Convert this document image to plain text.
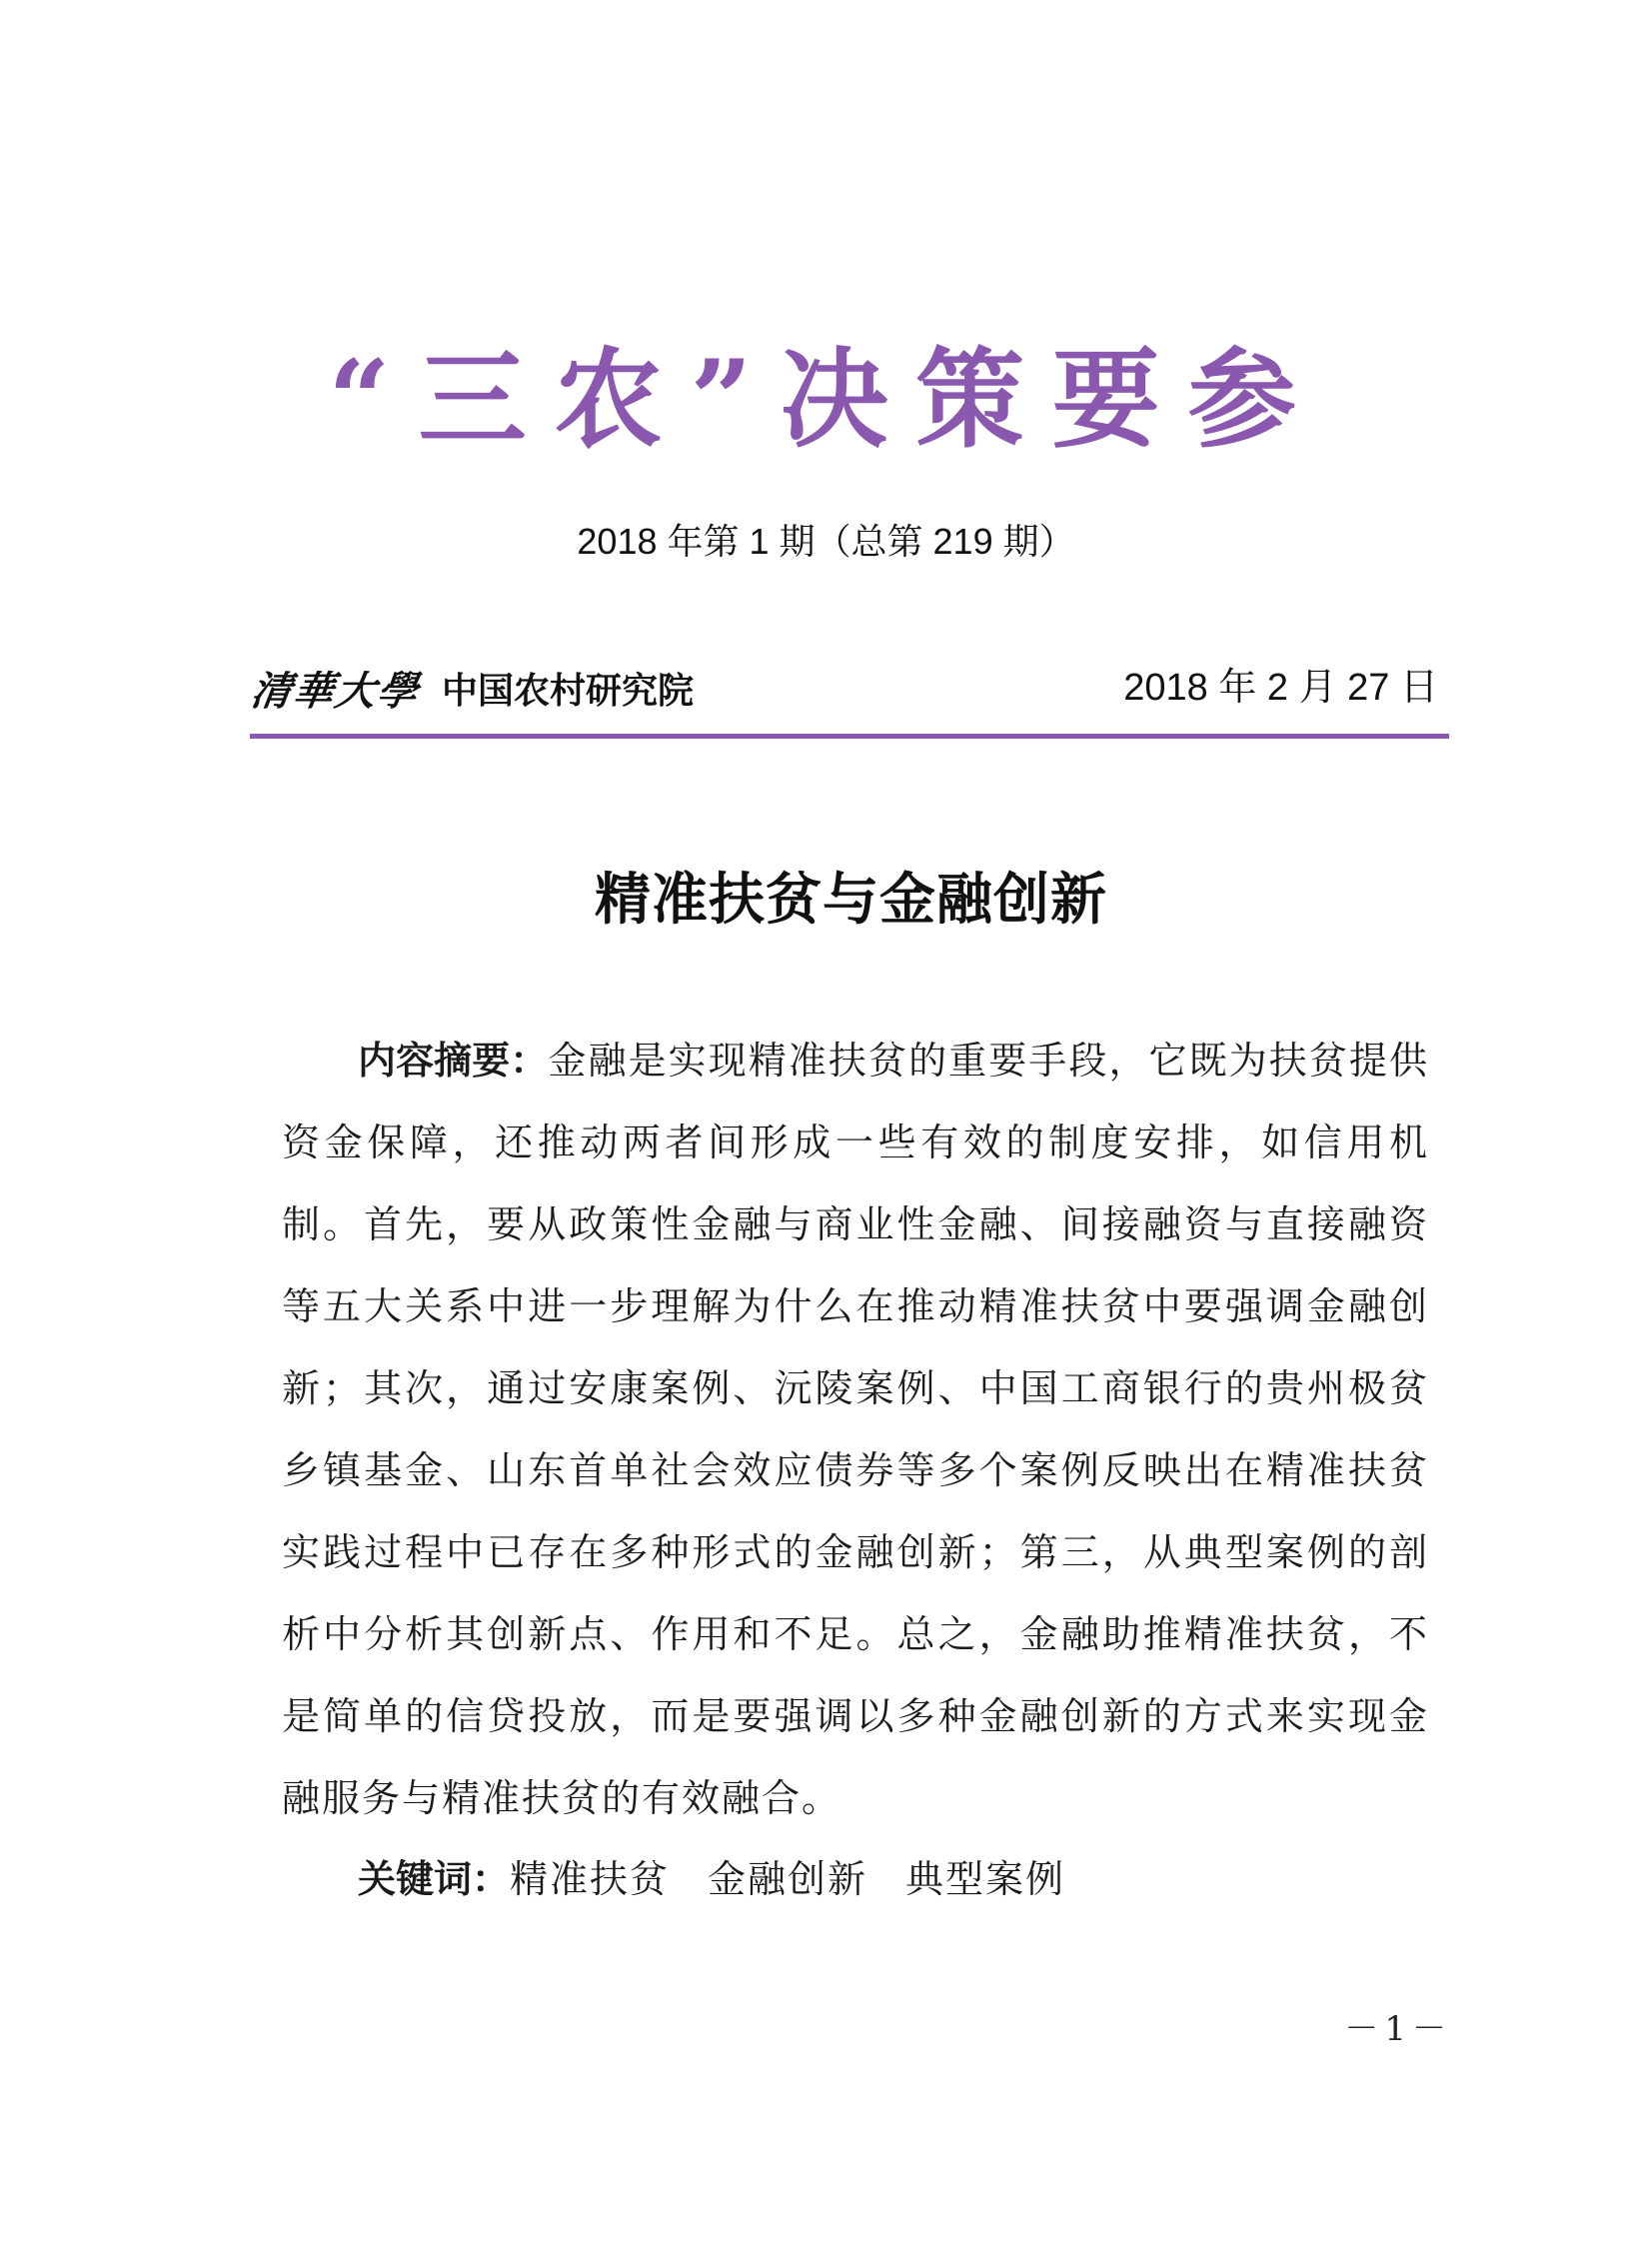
“三农”决策要参
2018 年第 1 期（总第 219 期）
清華大學 中国农村研究院	2018 年 2 月 27 日
精准扶贫与金融创新
内容摘要：金融是实现精准扶贫的重要手段，它既为扶贫提供资金保障，还推动两者间形成一些有效的制度安排，如信用机制。首先，要从政策性金融与商业性金融、间接融资与直接融资等五大关系中进一步理解为什么在推动精准扶贫中要强调金融创新；其次，通过安康案例、沅陵案例、中国工商银行的贵州极贫乡镇基金、山东首单社会效应债券等多个案例反映出在精准扶贫实践过程中已存在多种形式的金融创新；第三，从典型案例的剖析中分析其创新点、作用和不足。总之，金融助推精准扶贫，不是简单的信贷投放，而是要强调以多种金融创新的方式来实现金融服务与精准扶贫的有效融合。
关键词：精准扶贫 金融创新 典型案例
－1－
